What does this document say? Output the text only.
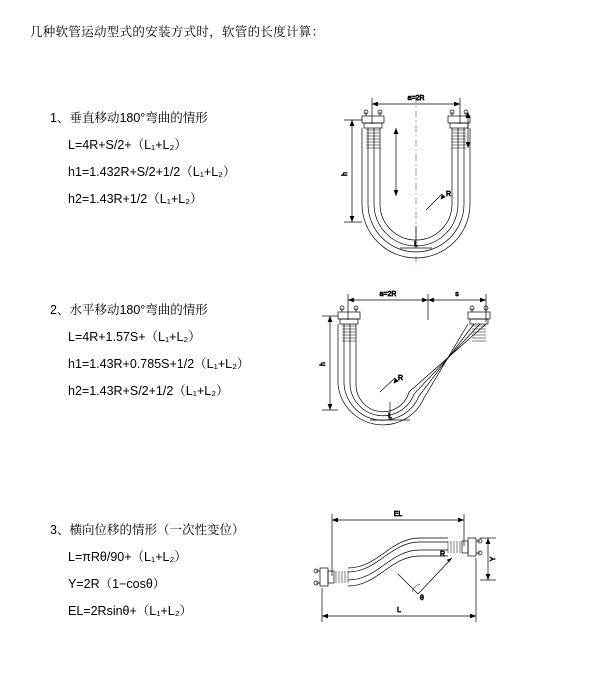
几种软管运动型式的安装方式时，软管的长度计算：
1、垂直移动180°弯曲的情形
L=4R+S/2+（L₁+L₂）
h1=1.432R+S/2+1/2（L₁+L₂）
h2=1.43R+1/2（L₁+L₂）
a=2R
R
h
L
2、水平移动180°弯曲的情形
L=4R+1.57S+（L₁+L₂）
h1=1.43R+0.785S+1/2（L₁+L₂）
h2=1.43R+S/2+1/2（L₁+L₂）
a=2R	s
R
h
L
3、横向位移的情形（一次性变位）
L=πRθ/90+（L₁+L₂）
Y=2R（1−cosθ）
EL=2Rsinθ+（L₁+L₂）
EL
R
θ
Y
L
